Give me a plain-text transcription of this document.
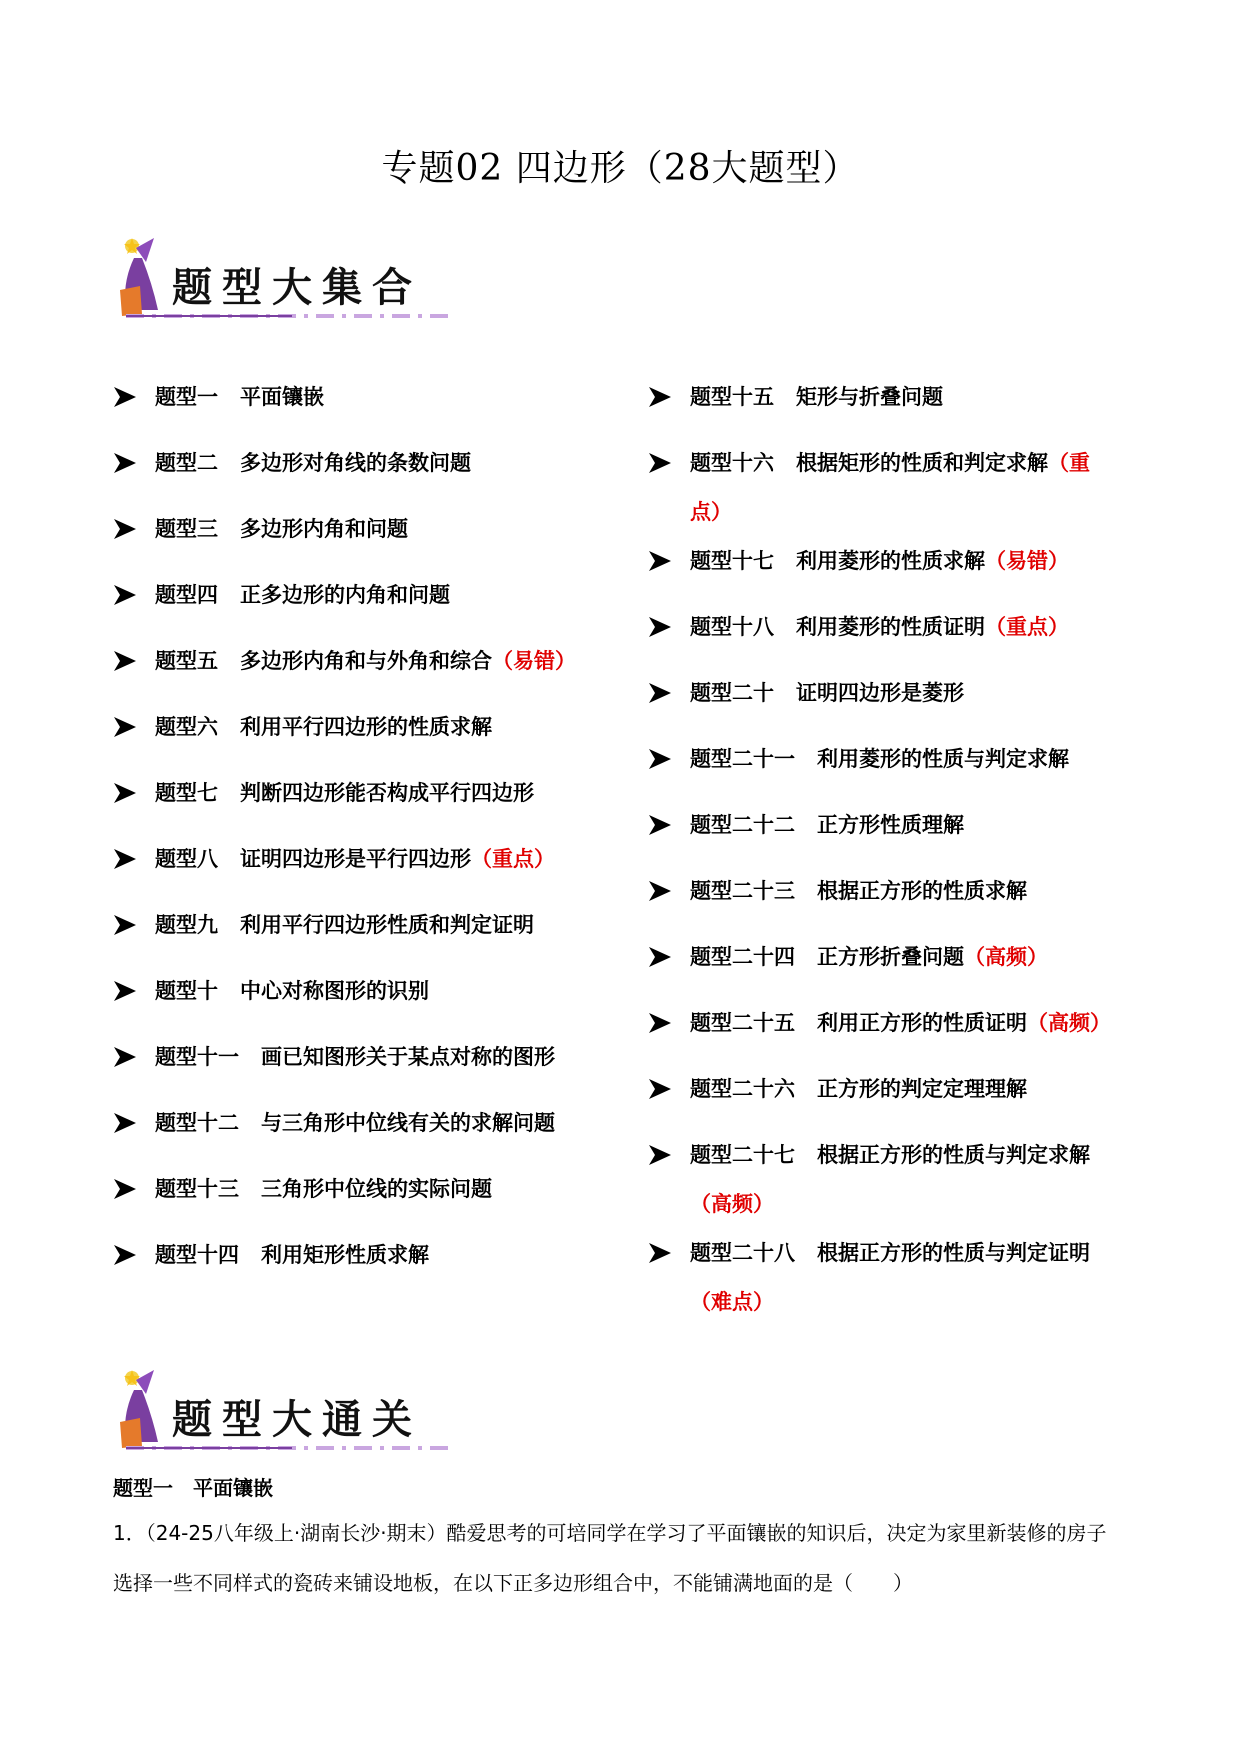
专题02 四边形（28大题型）
题型大集合
题型一 平面镶嵌
题型二 多边形对角线的条数问题
题型三 多边形内角和问题
题型四 正多边形的内角和问题
题型五 多边形内角和与外角和综合（易错）
题型六 利用平行四边形的性质求解
题型七 判断四边形能否构成平行四边形
题型八 证明四边形是平行四边形（重点）
题型九 利用平行四边形性质和判定证明
题型十 中心对称图形的识别
题型十一 画已知图形关于某点对称的图形
题型十二 与三角形中位线有关的求解问题
题型十三 三角形中位线的实际问题
题型十四 利用矩形性质求解
题型十五 矩形与折叠问题
题型十六 根据矩形的性质和判定求解（重点）
题型十七 利用菱形的性质求解（易错）
题型十八 利用菱形的性质证明（重点）
题型二十 证明四边形是菱形
题型二十一 利用菱形的性质与判定求解
题型二十二 正方形性质理解
题型二十三 根据正方形的性质求解
题型二十四 正方形折叠问题（高频）
题型二十五 利用正方形的性质证明（高频）
题型二十六 正方形的判定定理理解
题型二十七 根据正方形的性质与判定求解（高频）
题型二十八 根据正方形的性质与判定证明（难点）
题型大通关
题型一　平面镶嵌
1．（24-25八年级上·湖南长沙·期末）酷爱思考的可培同学在学习了平面镶嵌的知识后，决定为家里新装修的房子选择一些不同样式的瓷砖来铺设地板，在以下正多边形组合中，不能铺满地面的是（　　）
